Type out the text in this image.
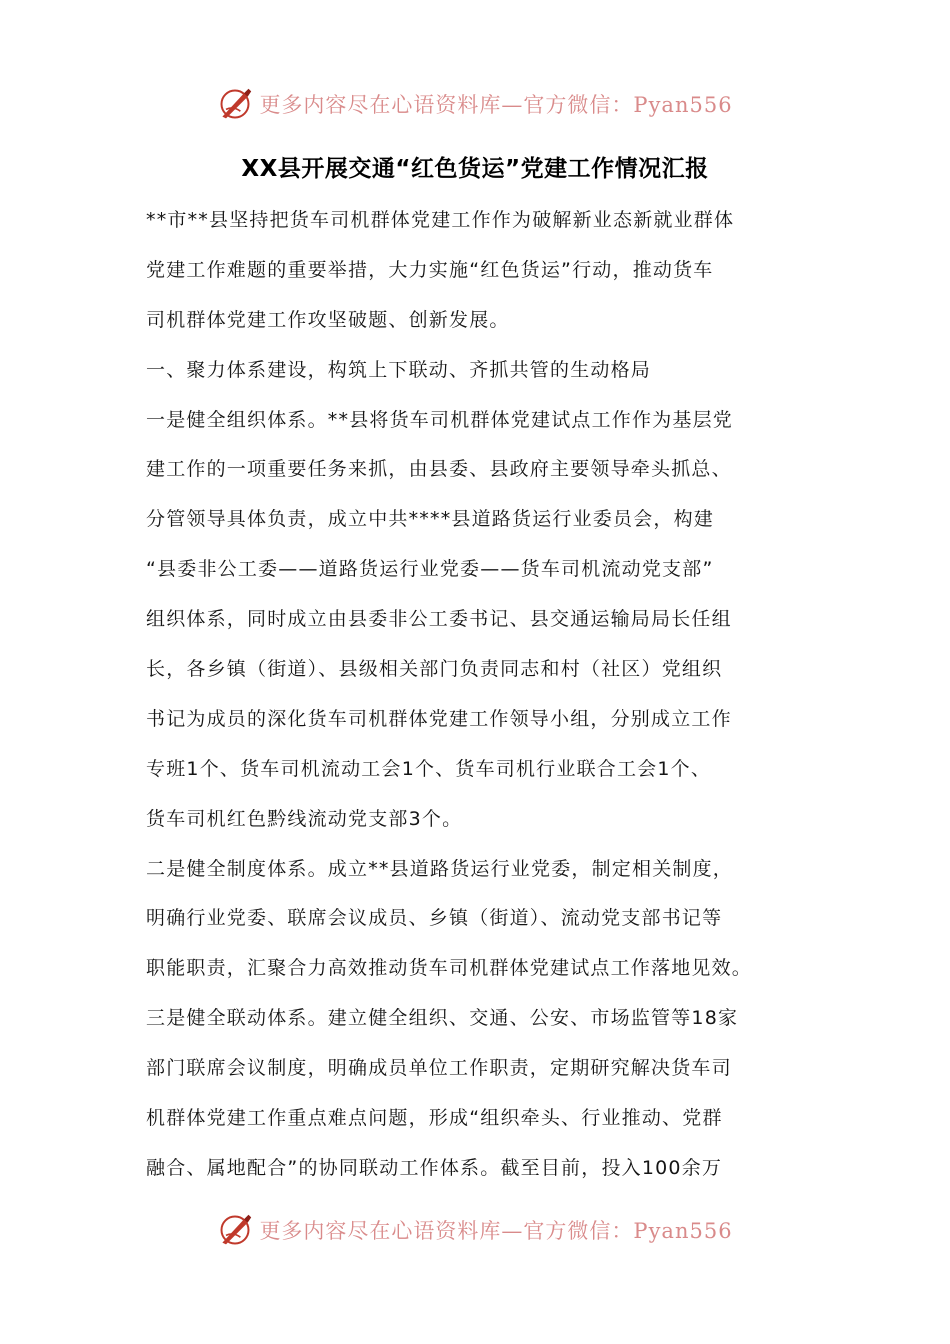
更多内容尽在心语资料库—官方微信：Pyan556
XX县开展交通“红色货运”党建工作情况汇报
**市**县坚持把货车司机群体党建工作作为破解新业态新就业群体
党建工作难题的重要举措，大力实施“红色货运”行动，推动货车
司机群体党建工作攻坚破题、创新发展。
一、聚力体系建设，构筑上下联动、齐抓共管的生动格局
一是健全组织体系。**县将货车司机群体党建试点工作作为基层党
建工作的一项重要任务来抓，由县委、县政府主要领导牵头抓总、
分管领导具体负责，成立中共****县道路货运行业委员会，构建
“县委非公工委——道路货运行业党委——货车司机流动党支部”
组织体系，同时成立由县委非公工委书记、县交通运输局局长任组
长，各乡镇（街道）、县级相关部门负责同志和村（社区）党组织
书记为成员的深化货车司机群体党建工作领导小组，分别成立工作
专班1个、货车司机流动工会1个、货车司机行业联合工会1个、
货车司机红色黔线流动党支部3个。
二是健全制度体系。成立**县道路货运行业党委，制定相关制度，
明确行业党委、联席会议成员、乡镇（街道）、流动党支部书记等
职能职责，汇聚合力高效推动货车司机群体党建试点工作落地见效。
三是健全联动体系。建立健全组织、交通、公安、市场监管等18家
部门联席会议制度，明确成员单位工作职责，定期研究解决货车司
机群体党建工作重点难点问题，形成“组织牵头、行业推动、党群
融合、属地配合”的协同联动工作体系。截至目前，投入100余万
更多内容尽在心语资料库—官方微信：Pyan556
